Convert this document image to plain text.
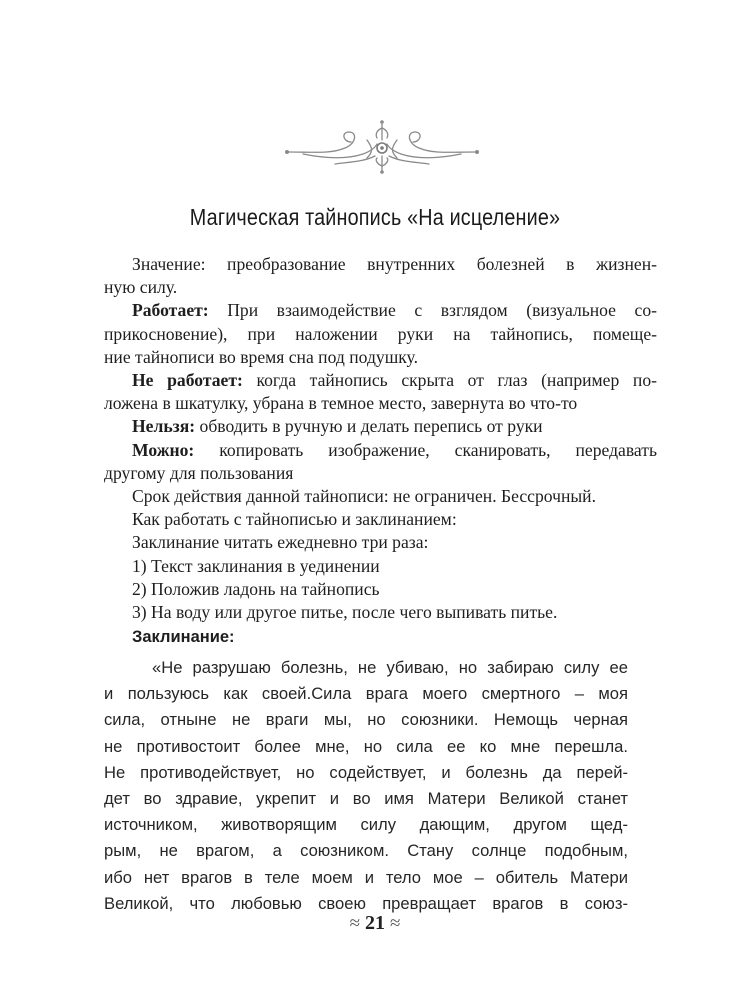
Магическая тайнопись «На исцеление»

Значение: преобразование внутренних болезней в жизнен-

ную силу.

Работает: При взаимодействие с взглядом (визуальное со-

прикосновение), при наложении руки на тайнопись, помеще-

ние тайнописи во время сна под подушку.

Не работает: когда тайнопись скрыта от глаз (например по-

ложена в шкатулку, убрана в темное место, завернута во что-то

Нельзя: обводить в ручную и делать перепись от руки

Можно: копировать изображение, сканировать, передавать

другому для пользования

Срок действия данной тайнописи: не ограничен. Бессрочный.

Как работать с тайнописью и заклинанием:

Заклинание читать ежедневно три раза:

1) Текст заклинания в уединении

2) Положив ладонь на тайнопись

3) На воду или другое питье, после чего выпивать питье.

Заклинание:
«Не разрушаю болезнь, не убиваю, но забираю силу ее
и пользуюсь как своей.Сила врага моего смертного – моя
сила, отныне не враги мы, но союзники. Немощь черная
не противостоит более мне, но сила ее ко мне перешла.
Не противодействует, но содействует, и болезнь да перей-
дет во здравие, укрепит и во имя Матери Великой станет
источником, животворящим силу дающим, другом щед-
рым, не врагом, а союзником. Стану солнце подобным,
ибо нет врагов в теле моем и тело мое – обитель Матери
Великой, что любовью своею превращает врагов в союз-
≈ 21 ≈
